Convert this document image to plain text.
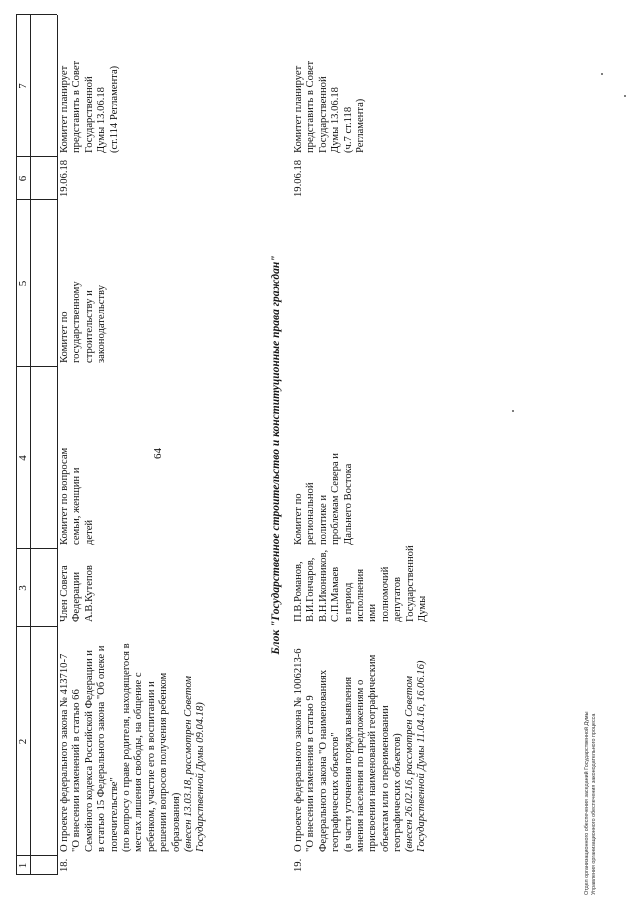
64
1
2
3
4
5
6
7
18.
О проекте федерального закона № 413710-7
"О внесении изменений в статью 66
Семейного кодекса Российской Федерации и
в статью 15 Федерального закона "Об опеке и
попечительстве"
(по вопросу о праве родителя, находящегося в
местах лишения свободы, на общение с
ребенком, участие его в воспитании и
решении вопросов получения ребенком
образования) (внесен 13.03.18, рассмотрен Советом
Государственной Думы 09.04.18)
Член Совета
Федерации
А.В.Кутепов
Комитет по вопросам
семьи, женщин и
детей
Комитет по
государственному
строительству и
законодательству
19.06.18
Комитет планирует
представить в Совет
Государственной
Думы 13.06.18
(ст.114 Регламента)
Блок "Государственное строительство и конституционные права граждан"
19.
О проекте федерального закона № 1006213-6
"О внесении изменения в статью 9
Федерального закона "О наименованиях
географических объектов"
(в части уточнения порядка выявления
мнения населения по предложениям о
присвоении наименований географическим
объектам или о переименовании
географических объектов)
(внесен 26.02.16, рассмотрен Советом
Государственной Думы 11.04.16, 16.06.16)
П.В.Романов,
В.И.Гончаров,
В.Н.Иконников,
С.П.Мамаев
в период
исполнения ими
полномочий
депутатов
Государственной
Думы
Комитет по
региональной
политике и
проблемам Севера и
Дальнего Востока
19.06.18
Комитет планирует
представить в Совет
Государственной
Думы 13.06.18
(ч.7 ст.118
Регламента)
Отдел организационного обеспечения заседаний Государственной Думы
Управления организационного обеспечения законодательного процесса
